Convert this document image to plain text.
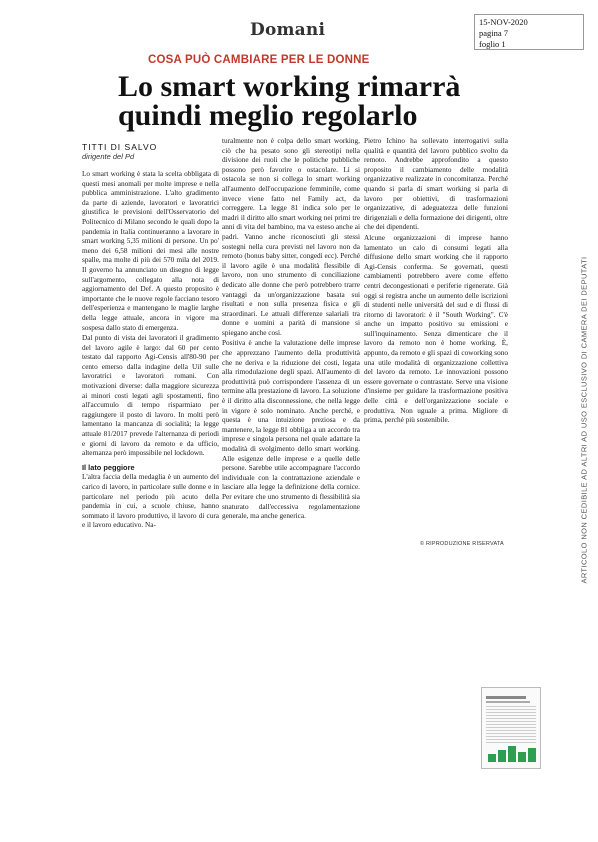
Domani	15-NOV-2020
pagina 7
foglio 1
COSA PUÒ CAMBIARE PER LE DONNE
Lo smart working rimarrà
quindi meglio regolarlo
TITTI DI SALVO
dirigente del Pd

Lo smart working è stata la scelta obbligata di questi mesi anomali per molte imprese e nella pubblica amministrazione. L'alto gradimento da parte di aziende, lavoratori e lavoratrici giustifica le previsioni dell'Osservatorio del Politecnico di Milano secondo le quali dopo la pandemia in Italia continueranno a lavorare in smart working 5,35 milioni di persone. Un po' meno dei 6,58 milioni dei mesi alle nostre spalle, ma molte di più dei 570 mila del 2019. Il governo ha annunciato un disegno di legge sull'argomento, collegato alla nota di aggiornamento del Def. A questo proposito è importante che le nuove regole facciano tesoro dell'esperienza e mantengano le maglie larghe della legge attuale, ancora in vigore ma sospesa dallo stato di emergenza.

Dal punto di vista dei lavoratori il gradimento del lavoro agile è largo: dal 60 per cento testato dal rapporto Agi-Censis all'80-90 per cento emerso dalla indagine della Uil sulle lavoratrici e lavoratori romani. Con motivazioni diverse: dalla maggiore sicurezza ai minori costi legati agli spostamenti, fino all'accumulo di tempo risparmiato per raggiungere il posto di lavoro. In molti però lamentano la mancanza di socialità; la legge attuale 81/2017 prevede l'alternanza di periodi e giorni di lavoro da remoto e da ufficio, alternanza però impossibile nel lockdown.

Il lato peggiore

L'altra faccia della medaglia è un aumento del carico di lavoro, in particolare sulle donne e in particolare nel periodo più acuto della pandemia in cui, a scuole chiuse, hanno sommato il lavoro produttivo, il lavoro di cura e il lavoro educativo. Na-

turalmente non è colpa dello smart working, ciò che ha pesato sono gli stereotipi nella divisione dei ruoli che le politiche pubbliche possono però favorire o ostacolare. Lì si ostacola se non si collega lo smart working all'aumento dell'occupazione femminile, come invece viene fatto nel Family act, da correggere. La legge 81 indica solo per le madri il diritto allo smart working nei primi tre anni di vita del bambino, ma va esteso anche ai padri. Vanno anche riconosciuti gli stessi sostegni nella cura previsti nel lavoro non da remoto (bonus baby sitter, congedi ecc). Perché il lavoro agile è una modalità flessibile di lavoro, non uno strumento di conciliazione dedicato alle donne che però potrebbero trarre vantaggi da un'organizzazione basata sui risultati e non sulla presenza fisica e gli straordinari. Le attuali differenze salariali tra donne e uomini a parità di mansione si spiegano anche così.

Positiva è anche la valutazione delle imprese che apprezzano l'aumento della produttività che ne deriva e la riduzione dei costi, legata alla rimodulazione degli spazi. All'aumento di produttività può corrispondere l'assenza di un termine alla prestazione di lavoro. La soluzione è il diritto alla disconnessione, che nella legge in vigore è solo nominato. Anche perché, e questa è una intuizione preziosa e da mantenere, la legge 81 obbliga a un accordo tra imprese e singola persona nel quale adattare la modalità di svolgimento dello smart working. Alle esigenze delle imprese e a quelle delle persone. Sarebbe utile accompagnare l'accordo individuale con la contrattazione aziendale e lasciare alla legge la definizione della cornice. Per evitare che uno strumento di flessibilità sia snaturato dall'eccessiva regolamentazione generale, ma anche generica.

Pietro Ichino ha sollevato interrogativi sulla qualità e quantità del lavoro pubblico svolto da remoto. Andrebbe approfondito a questo proposito il cambiamento delle modalità organizzative realizzate in concomitanza. Perché quando si parla di smart working si parla di lavoro per obiettivi, di trasformazioni organizzative, di adeguatezza delle funzioni dirigenziali e della formazione dei dirigenti, oltre che dei dipendenti.

Alcune organizzazioni di imprese hanno lamentato un calo di consumi legati alla diffusione dello smart working che il rapporto Agi-Censis conferma. Se governati, questi cambiamenti potrebbero avere come effetto centri decongestionati e periferie rigenerate. Già oggi si registra anche un aumento delle iscrizioni di studenti nelle università del sud e di flussi di ritorno di lavoratori: è il "South Working". C'è anche un impatto positivo su emissioni e sull'inquinamento. Senza dimenticare che il lavoro da remoto non è home working. È, appunto, da remoto e gli spazi di coworking sono una utile modalità di organizzazione collettiva del lavoro da remoto. Le innovazioni possono essere governate o contrastate. Serve una visione d'insieme per guidare la trasformazione positiva delle città e dell'organizzazione sociale e produttiva. Non uguale a prima. Migliore di prima, perché più sostenibile.

© RIPRODUZIONE RISERVATA	ARTICOLO NON CEDIBILE AD ALTRI AD USO ESCLUSIVO DI CAMERA DEI DEPUTATI
